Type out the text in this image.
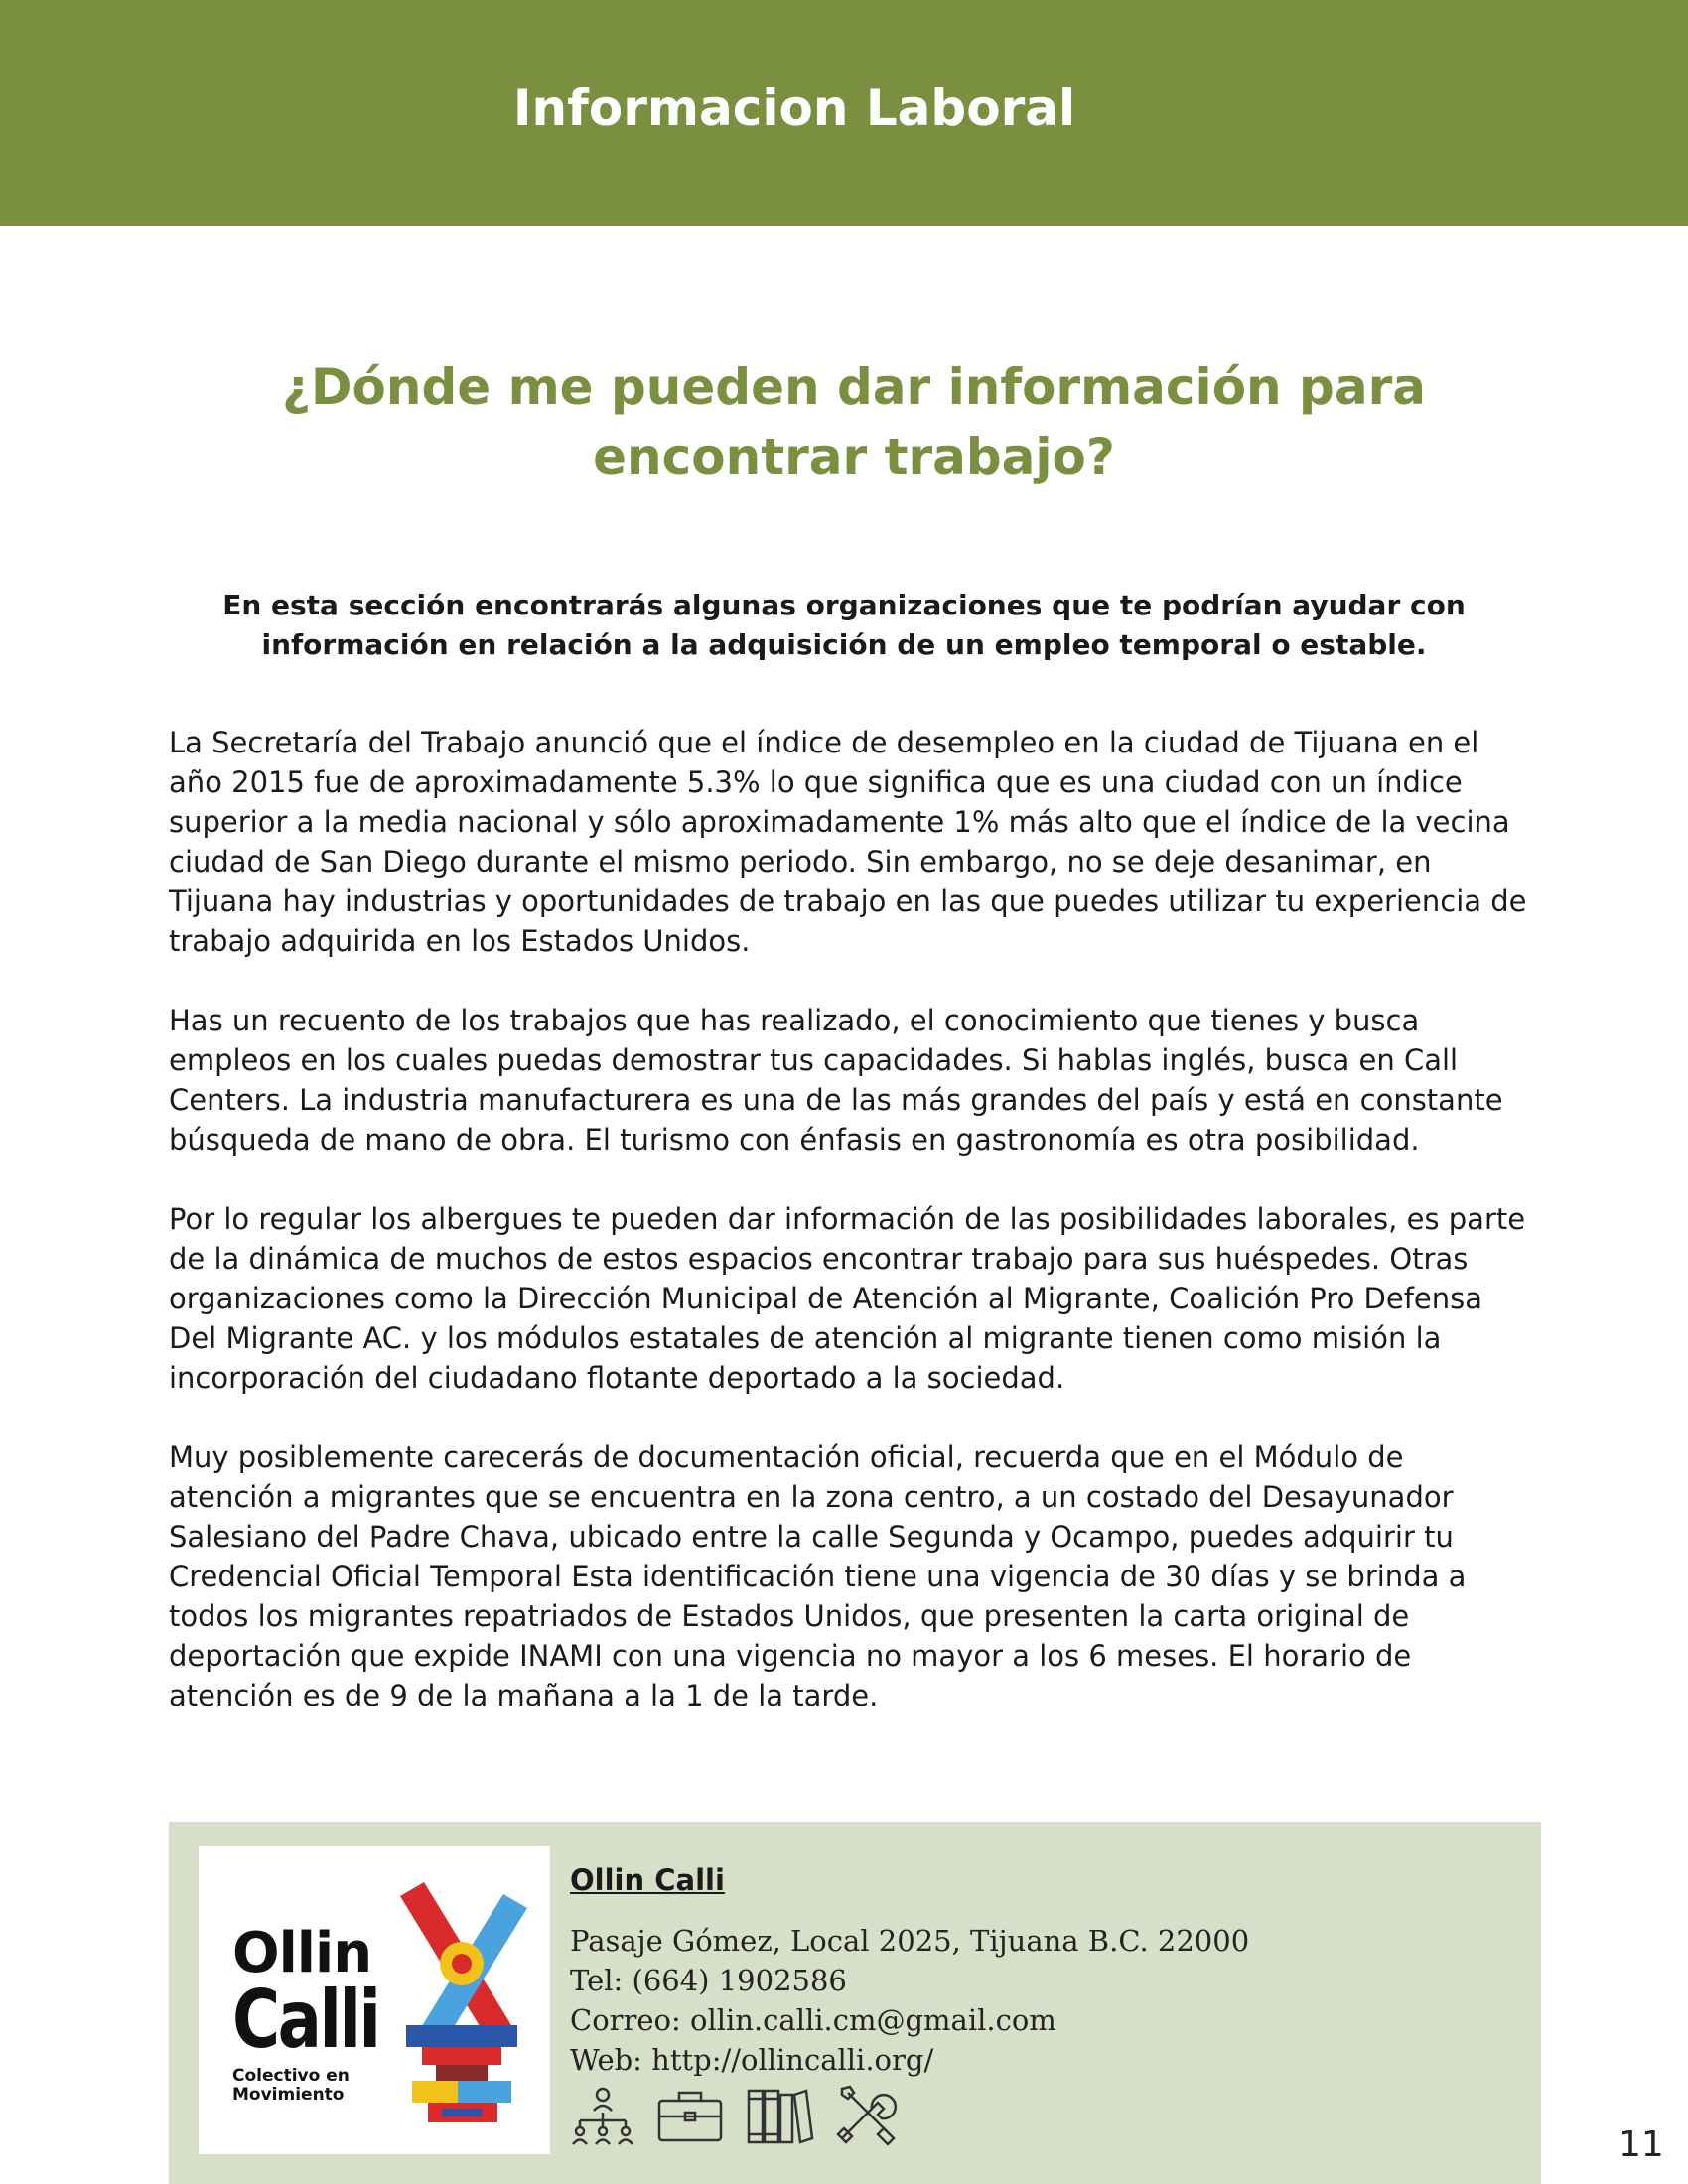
Informacion Laboral
¿Dónde me pueden dar información para encontrar trabajo?

En esta sección encontrarás algunas organizaciones que te podrían ayudar con información en relación a la adquisición de un empleo temporal o estable.

La Secretaría del Trabajo anunció que el índice de desempleo en la ciudad de Tijuana en el año 2015 fue de aproximadamente 5.3% lo que significa que es una ciudad con un índice superior a la media nacional y sólo aproximadamente 1% más alto que el índice de la vecina ciudad de San Diego durante el mismo periodo. Sin embargo, no se deje desanimar, en Tijuana hay industrias y oportunidades de trabajo en las que puedes utilizar tu experiencia de trabajo adquirida en los Estados Unidos.

Has un recuento de los trabajos que has realizado, el conocimiento que tienes y busca empleos en los cuales puedas demostrar tus capacidades. Si hablas inglés, busca en Call Centers. La industria manufacturera es una de las más grandes del país y está en constante búsqueda de mano de obra. El turismo con énfasis en gastronomía es otra posibilidad.

Por lo regular los albergues te pueden dar información de las posibilidades laborales, es parte de la dinámica de muchos de estos espacios encontrar trabajo para sus huéspedes. Otras organizaciones como la Dirección Municipal de Atención al Migrante, Coalición Pro Defensa Del Migrante AC. y los módulos estatales de atención al migrante tienen como misión la incorporación del ciudadano flotante deportado a la sociedad.

Muy posiblemente carecerás de documentación oficial, recuerda que en el Módulo de atención a migrantes que se encuentra en la zona centro, a un costado del Desayunador Salesiano del Padre Chava, ubicado entre la calle Segunda y Ocampo, puedes adquirir tu Credencial Oficial Temporal Esta identificación tiene una vigencia de 30 días y se brinda a todos los migrantes repatriados de Estados Unidos, que presenten la carta original de deportación que expide INAMI con una vigencia no mayor a los 6 meses. El horario de atención es de 9 de la mañana a la 1 de la tarde.

Ollin
Calli
Colectivo en Movimiento
Ollin Calli
Pasaje Gómez, Local 2025, Tijuana B.C. 22000
Tel: (664) 1902586
Correo: ollin.calli.cm@gmail.com
Web: http://ollincalli.org/
11
